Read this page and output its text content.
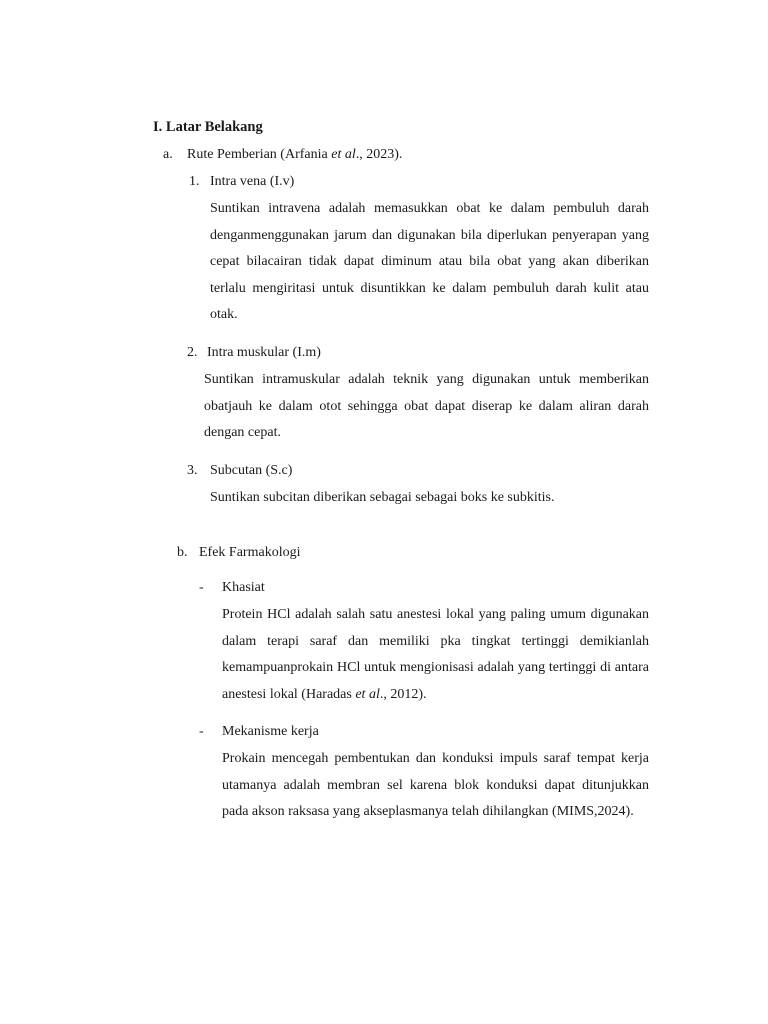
I. Latar Belakang
a. Rute Pemberian (Arfania et al., 2023).
1. Intra vena (I.v)
Suntikan intravena adalah memasukkan obat ke dalam pembuluh darah denganmenggunakan jarum dan digunakan bila diperlukan penyerapan yang cepat bilacairan tidak dapat diminum atau bila obat yang akan diberikan terlalu mengiritasi untuk disuntikkan ke dalam pembuluh darah kulit atau otak.
2. Intra muskular (I.m)
Suntikan intramuskular adalah teknik yang digunakan untuk memberikan obatjauh ke dalam otot sehingga obat dapat diserap ke dalam aliran darah dengan cepat.
3. Subcutan (S.c)
Suntikan subcitan diberikan sebagai sebagai boks ke subkitis.
b. Efek Farmakologi
- Khasiat
Protein HCl adalah salah satu anestesi lokal yang paling umum digunakan dalam terapi saraf dan memiliki pka tingkat tertinggi demikianlah kemampuanprokain HCl untuk mengionisasi adalah yang tertinggi di antara anestesi lokal (Haradas et al., 2012).
- Mekanisme kerja
Prokain mencegah pembentukan dan konduksi impuls saraf tempat kerja utamanya adalah membran sel karena blok konduksi dapat ditunjukkan pada akson raksasa yang akseplasmanya telah dihilangkan (MIMS,2024).
